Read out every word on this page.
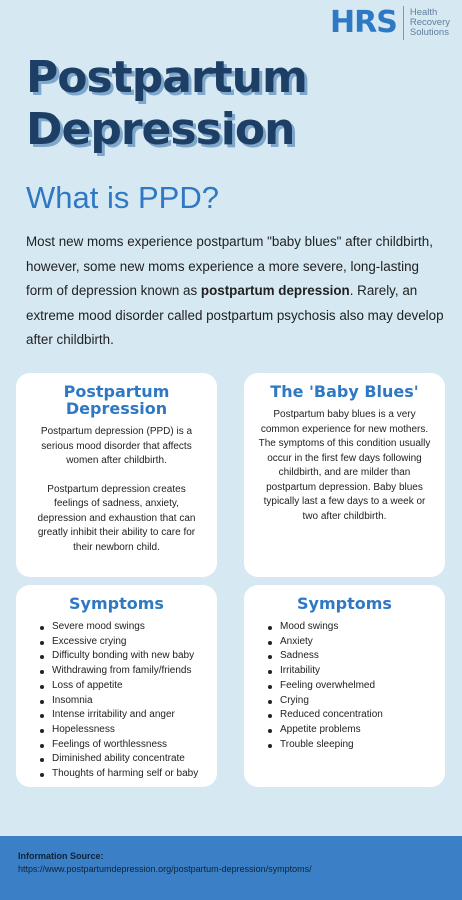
HRS Health
Recovery
Solutions
Postpartum
Depression
What is PPD?

Most new moms experience postpartum "baby blues" after childbirth, however, some new moms experience a more severe, long-lasting form of depression known as postpartum depression. Rarely, an extreme mood disorder called postpartum psychosis also may develop after childbirth.

Postpartum Depression

Postpartum depression (PPD) is a serious mood disorder that affects women after childbirth.

Postpartum depression creates feelings of sadness, anxiety, depression and exhaustion that can greatly inhibit their ability to care for their newborn child.

The 'Baby Blues'

Postpartum baby blues is a very common experience for new mothers. The symptoms of this condition usually occur in the first few days following childbirth, and are milder than postpartum depression. Baby blues typically last a few days to a week or two after childbirth.

Symptoms
Severe mood swings
Excessive crying
Difficulty bonding with new baby
Withdrawing from family/friends
Loss of appetite
Insomnia
Intense irritability and anger
Hopelessness
Feelings of worthlessness
Diminished ability concentrate
Thoughts of harming self or baby
Symptoms
Mood swings
Anxiety
Sadness
Irritability
Feeling overwhelmed
Crying
Reduced concentration
Appetite problems
Trouble sleeping
Information Source:
https://www.postpartumdepression.org/postpartum-depression/symptoms/
